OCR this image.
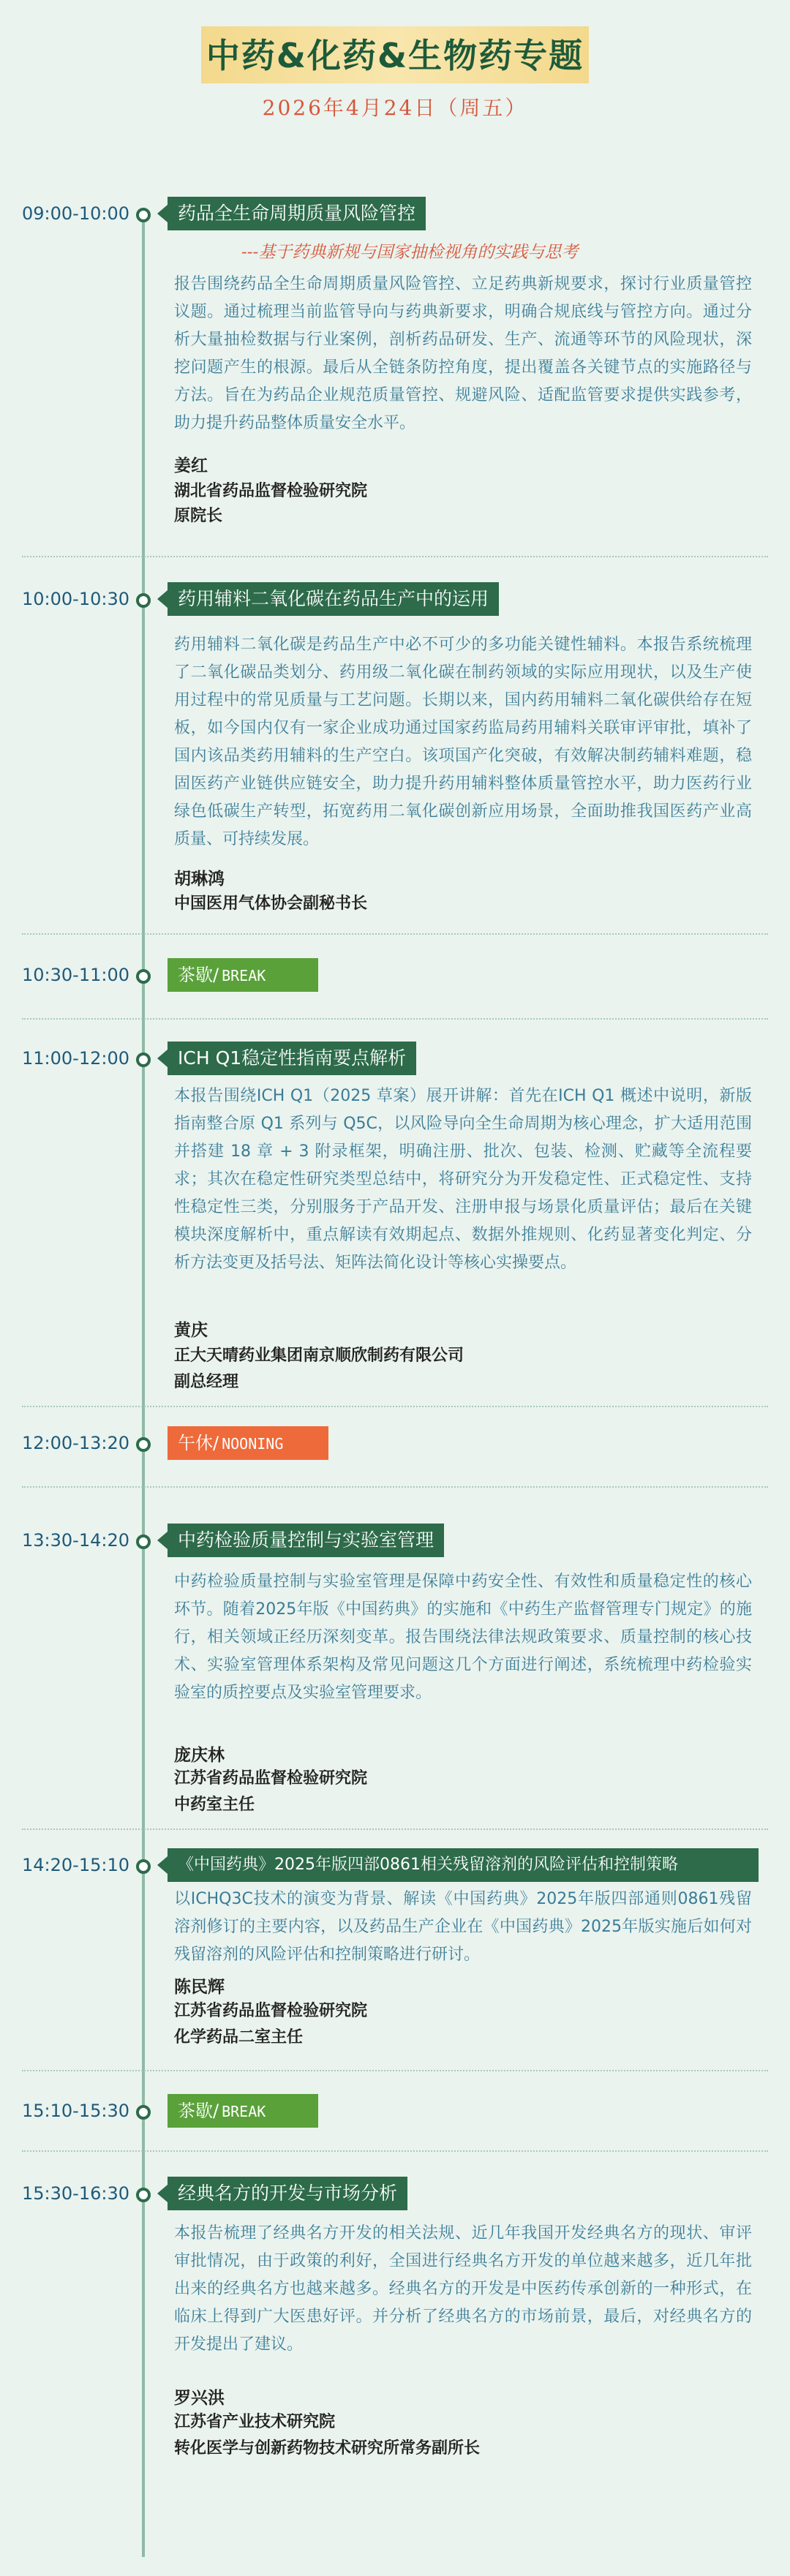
中药&化药&生物药专题
2026年4月24日（周五）
09:00-10:00	药品全生命周期质量风险管控
---基于药典新规与国家抽检视角的实践与思考
报告围绕药品全生命周期质量风险管控、立足药典新规要求，探讨行业质量管控议题。通过梳理当前监管导向与药典新要求，明确合规底线与管控方向。通过分析大量抽检数据与行业案例，剖析药品研发、生产、流通等环节的风险现状，深挖问题产生的根源。最后从全链条防控角度，提出覆盖各关键节点的实施路径与方法。旨在为药品企业规范质量管控、规避风险、适配监管要求提供实践参考，助力提升药品整体质量安全水平。
姜红
湖北省药品监督检验研究院
原院长
10:00-10:30	药用辅料二氧化碳在药品生产中的运用
药用辅料二氧化碳是药品生产中必不可少的多功能关键性辅料。本报告系统梳理了二氧化碳品类划分、药用级二氧化碳在制药领域的实际应用现状，以及生产使用过程中的常见质量与工艺问题。长期以来，国内药用辅料二氧化碳供给存在短板，如今国内仅有一家企业成功通过国家药监局药用辅料关联审评审批，填补了国内该品类药用辅料的生产空白。该项国产化突破，有效解决制药辅料难题，稳固医药产业链供应链安全，助力提升药用辅料整体质量管控水平，助力医药行业绿色低碳生产转型，拓宽药用二氧化碳创新应用场景，全面助推我国医药产业高质量、可持续发展。
胡琳鸿
中国医用气体协会副秘书长
10:30-11:00	茶歇/ BREAK
11:00-12:00	ICH Q1稳定性指南要点解析
本报告围绕ICH Q1（2025 草案）展开讲解：首先在ICH Q1 概述中说明，新版指南整合原 Q1 系列与 Q5C，以风险导向全生命周期为核心理念，扩大适用范围并搭建 18 章 + 3 附录框架，明确注册、批次、包装、检测、贮藏等全流程要求；其次在稳定性研究类型总结中，将研究分为开发稳定性、正式稳定性、支持性稳定性三类，分别服务于产品开发、注册申报与场景化质量评估；最后在关键模块深度解析中，重点解读有效期起点、数据外推规则、化药显著变化判定、分析方法变更及括号法、矩阵法简化设计等核心实操要点。
黄庆
正大天晴药业集团南京顺欣制药有限公司
副总经理
12:00-13:20	午休/ NOONING
13:30-14:20	中药检验质量控制与实验室管理
中药检验质量控制与实验室管理是保障中药安全性、有效性和质量稳定性的核心环节。随着2025年版《中国药典》的实施和《中药生产监督管理专门规定》的施行，相关领域正经历深刻变革。报告围绕法律法规政策要求、质量控制的核心技术、实验室管理体系架构及常见问题这几个方面进行阐述，系统梳理中药检验实验室的质控要点及实验室管理要求。
庞庆林
江苏省药品监督检验研究院
中药室主任
14:20-15:10	《中国药典》2025年版四部0861相关残留溶剂的风险评估和控制策略
以ICHQ3C技术的演变为背景、解读《中国药典》2025年版四部通则0861残留溶剂修订的主要内容，以及药品生产企业在《中国药典》2025年版实施后如何对残留溶剂的风险评估和控制策略进行研讨。
陈民辉
江苏省药品监督检验研究院
化学药品二室主任
15:10-15:30	茶歇/ BREAK
15:30-16:30	经典名方的开发与市场分析
本报告梳理了经典名方开发的相关法规、近几年我国开发经典名方的现状、审评审批情况，由于政策的利好，全国进行经典名方开发的单位越来越多，近几年批出来的经典名方也越来越多。经典名方的开发是中医药传承创新的一种形式，在临床上得到广大医患好评。并分析了经典名方的市场前景，最后，对经典名方的开发提出了建议。
罗兴洪
江苏省产业技术研究院
转化医学与创新药物技术研究所常务副所长
